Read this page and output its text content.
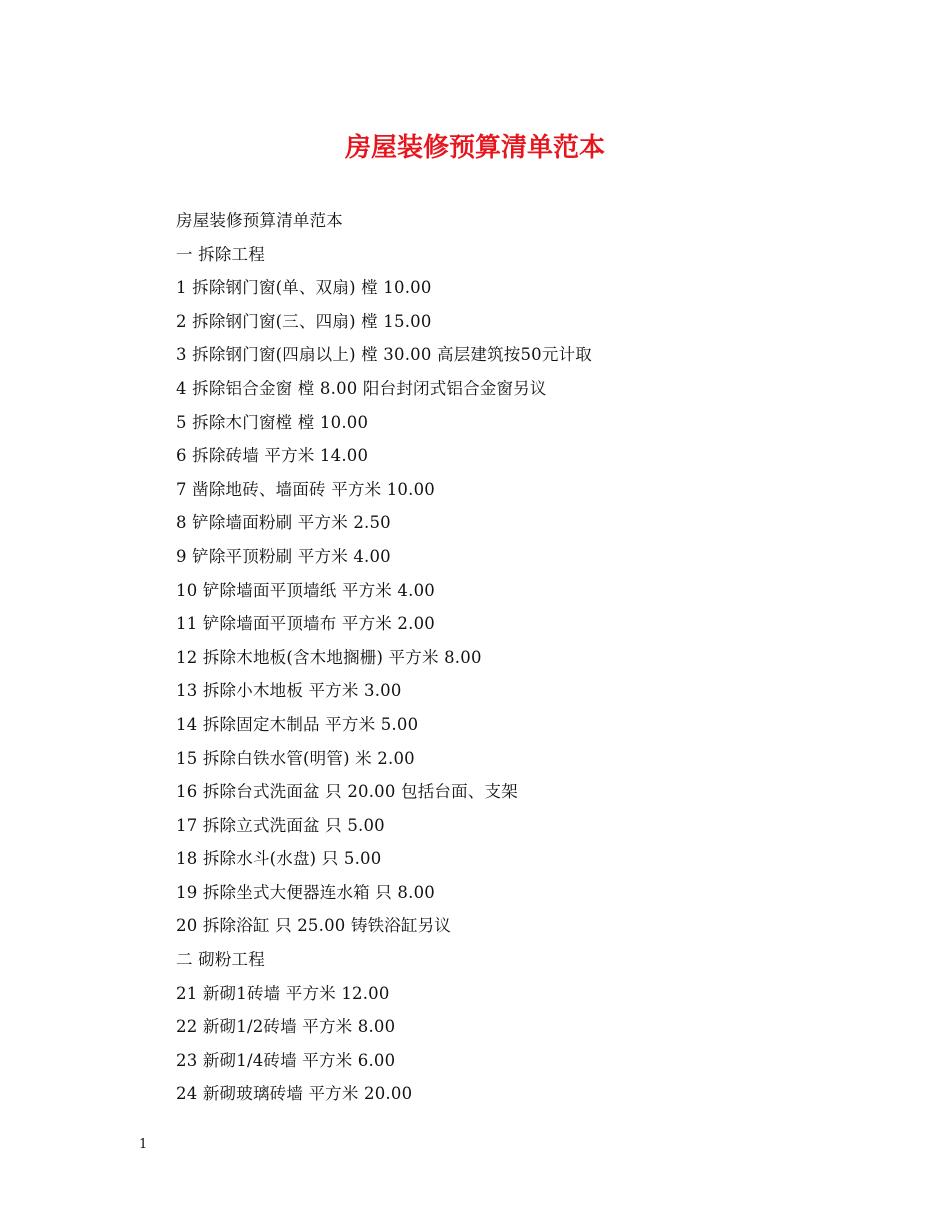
房屋装修预算清单范本
房屋装修预算清单范本
一 拆除工程
1 拆除钢门窗(单、双扇) 樘 10.00
2 拆除钢门窗(三、四扇) 樘 15.00
3 拆除钢门窗(四扇以上) 樘 30.00 高层建筑按50元计取
4 拆除铝合金窗 樘 8.00 阳台封闭式铝合金窗另议
5 拆除木门窗樘 樘 10.00
6 拆除砖墙 平方米 14.00
7 凿除地砖、墙面砖 平方米 10.00
8 铲除墙面粉刷 平方米 2.50
9 铲除平顶粉刷 平方米 4.00
10 铲除墙面平顶墙纸 平方米 4.00
11 铲除墙面平顶墙布 平方米 2.00
12 拆除木地板(含木地搁栅) 平方米 8.00
13 拆除小木地板 平方米 3.00
14 拆除固定木制品 平方米 5.00
15 拆除白铁水管(明管) 米 2.00
16 拆除台式洗面盆 只 20.00 包括台面、支架
17 拆除立式洗面盆 只 5.00
18 拆除水斗(水盘) 只 5.00
19 拆除坐式大便器连水箱 只 8.00
20 拆除浴缸 只 25.00 铸铁浴缸另议
二 砌粉工程
21 新砌1砖墙 平方米 12.00
22 新砌1/2砖墙 平方米 8.00
23 新砌1/4砖墙 平方米 6.00
24 新砌玻璃砖墙 平方米 20.00
1
